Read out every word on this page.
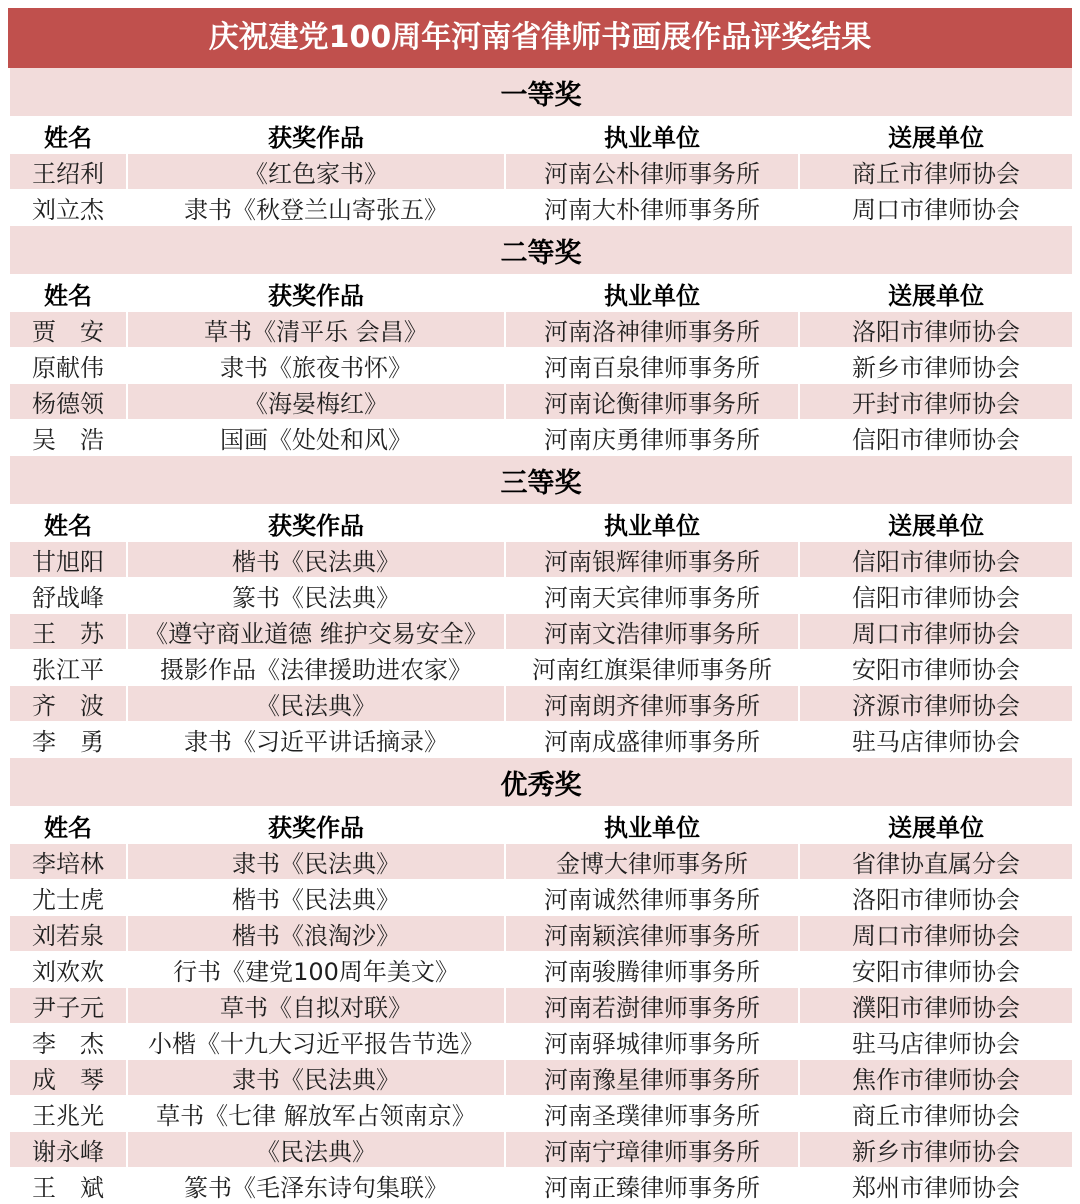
庆祝建党100周年河南省律师书画展作品评奖结果
一等奖			
姓名	获奖作品	执业单位	送展单位
王绍利	《红色家书》	河南公朴律师事务所	商丘市律师协会
刘立杰	隶书《秋登兰山寄张五》	河南大朴律师事务所	周口市律师协会
二等奖			
姓名	获奖作品	执业单位	送展单位
贾　安	草书《清平乐 会昌》	河南洛神律师事务所	洛阳市律师协会
原献伟	隶书《旅夜书怀》	河南百泉律师事务所	新乡市律师协会
杨德领	《海晏梅红》	河南论衡律师事务所	开封市律师协会
吴　浩	国画《处处和风》	河南庆勇律师事务所	信阳市律师协会
三等奖			
姓名	获奖作品	执业单位	送展单位
甘旭阳	楷书《民法典》	河南银辉律师事务所	信阳市律师协会
舒战峰	篆书《民法典》	河南天宾律师事务所	信阳市律师协会
王　苏	《遵守商业道德 维护交易安全》	河南文浩律师事务所	周口市律师协会
张江平	摄影作品《法律援助进农家》	河南红旗渠律师事务所	安阳市律师协会
齐　波	《民法典》	河南朗齐律师事务所	济源市律师协会
李　勇	隶书《习近平讲话摘录》	河南成盛律师事务所	驻马店律师协会
优秀奖			
姓名	获奖作品	执业单位	送展单位
李培林	隶书《民法典》	金博大律师事务所	省律协直属分会
尤士虎	楷书《民法典》	河南诚然律师事务所	洛阳市律师协会
刘若泉	楷书《浪淘沙》	河南颖滨律师事务所	周口市律师协会
刘欢欢	行书《建党100周年美文》	河南骏腾律师事务所	安阳市律师协会
尹子元	草书《自拟对联》	河南若澍律师事务所	濮阳市律师协会
李　杰	小楷《十九大习近平报告节选》	河南驿城律师事务所	驻马店律师协会
成　琴	隶书《民法典》	河南豫星律师事务所	焦作市律师协会
王兆光	草书《七律 解放军占领南京》	河南圣璞律师事务所	商丘市律师协会
谢永峰	《民法典》	河南宁璋律师事务所	新乡市律师协会
王　斌	篆书《毛泽东诗句集联》	河南正臻律师事务所	郑州市律师协会
